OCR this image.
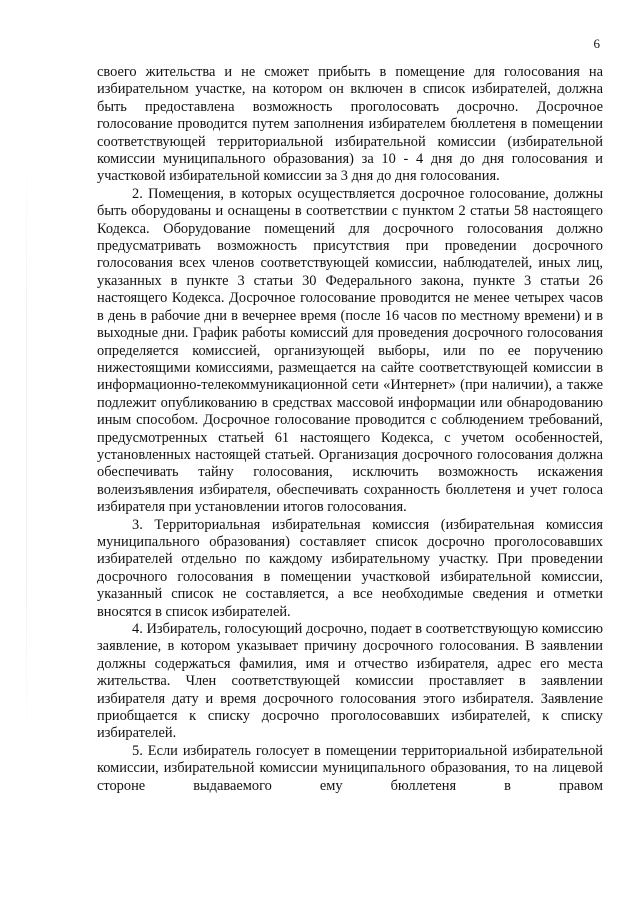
6

своего жительства и не сможет прибыть в помещение для голосования на избирательном участке, на котором он включен в список избирателей, должна быть предоставлена возможность проголосовать досрочно. Досрочное голосование проводится путем заполнения избирателем бюллетеня в помещении соответствующей территориальной избирательной комиссии (избирательной комиссии муниципального образования) за 10 - 4 дня до дня голосования и участковой избирательной комиссии за 3 дня до дня голосования.

2. Помещения, в которых осуществляется досрочное голосование, должны быть оборудованы и оснащены в соответствии с пунктом 2 статьи 58 настоящего Кодекса. Оборудование помещений для досрочного голосования должно предусматривать возможность присутствия при проведении досрочного голосования всех членов соответствующей комиссии, наблюдателей, иных лиц, указанных в пункте 3 статьи 30 Федерального закона, пункте 3 статьи 26 настоящего Кодекса. Досрочное голосование проводится не менее четырех часов в день в рабочие дни в вечернее время (после 16 часов по местному времени) и в выходные дни. График работы комиссий для проведения досрочного голосования определяется комиссией, организующей выборы, или по ее поручению нижестоящими комиссиями, размещается на сайте соответствующей комиссии в информационно-телекоммуникационной сети «Интернет» (при наличии), а также подлежит опубликованию в средствах массовой информации или обнародованию иным способом. Досрочное голосование проводится с соблюдением требований, предусмотренных статьей 61 настоящего Кодекса, с учетом особенностей, установленных настоящей статьей. Организация досрочного голосования должна обеспечивать тайну голосования, исключить возможность искажения волеизъявления избирателя, обеспечивать сохранность бюллетеня и учет голоса избирателя при установлении итогов голосования.

3. Территориальная избирательная комиссия (избирательная комиссия муниципального образования) составляет список досрочно проголосовавших избирателей отдельно по каждому избирательному участку. При проведении досрочного голосования в помещении участковой избирательной комиссии, указанный список не составляется, а все необходимые сведения и отметки вносятся в список избирателей.

4. Избиратель, голосующий досрочно, подает в соответствующую комиссию заявление, в котором указывает причину досрочного голосования. В заявлении должны содержаться фамилия, имя и отчество избирателя, адрес его места жительства. Член соответствующей комиссии проставляет в заявлении избирателя дату и время досрочного голосования этого избирателя. Заявление приобщается к списку досрочно проголосовавших избирателей, к списку избирателей.

5. Если избиратель голосует в помещении территориальной избирательной комиссии, избирательной комиссии муниципального образования, то на лицевой стороне выдаваемого ему бюллетеня в правом
